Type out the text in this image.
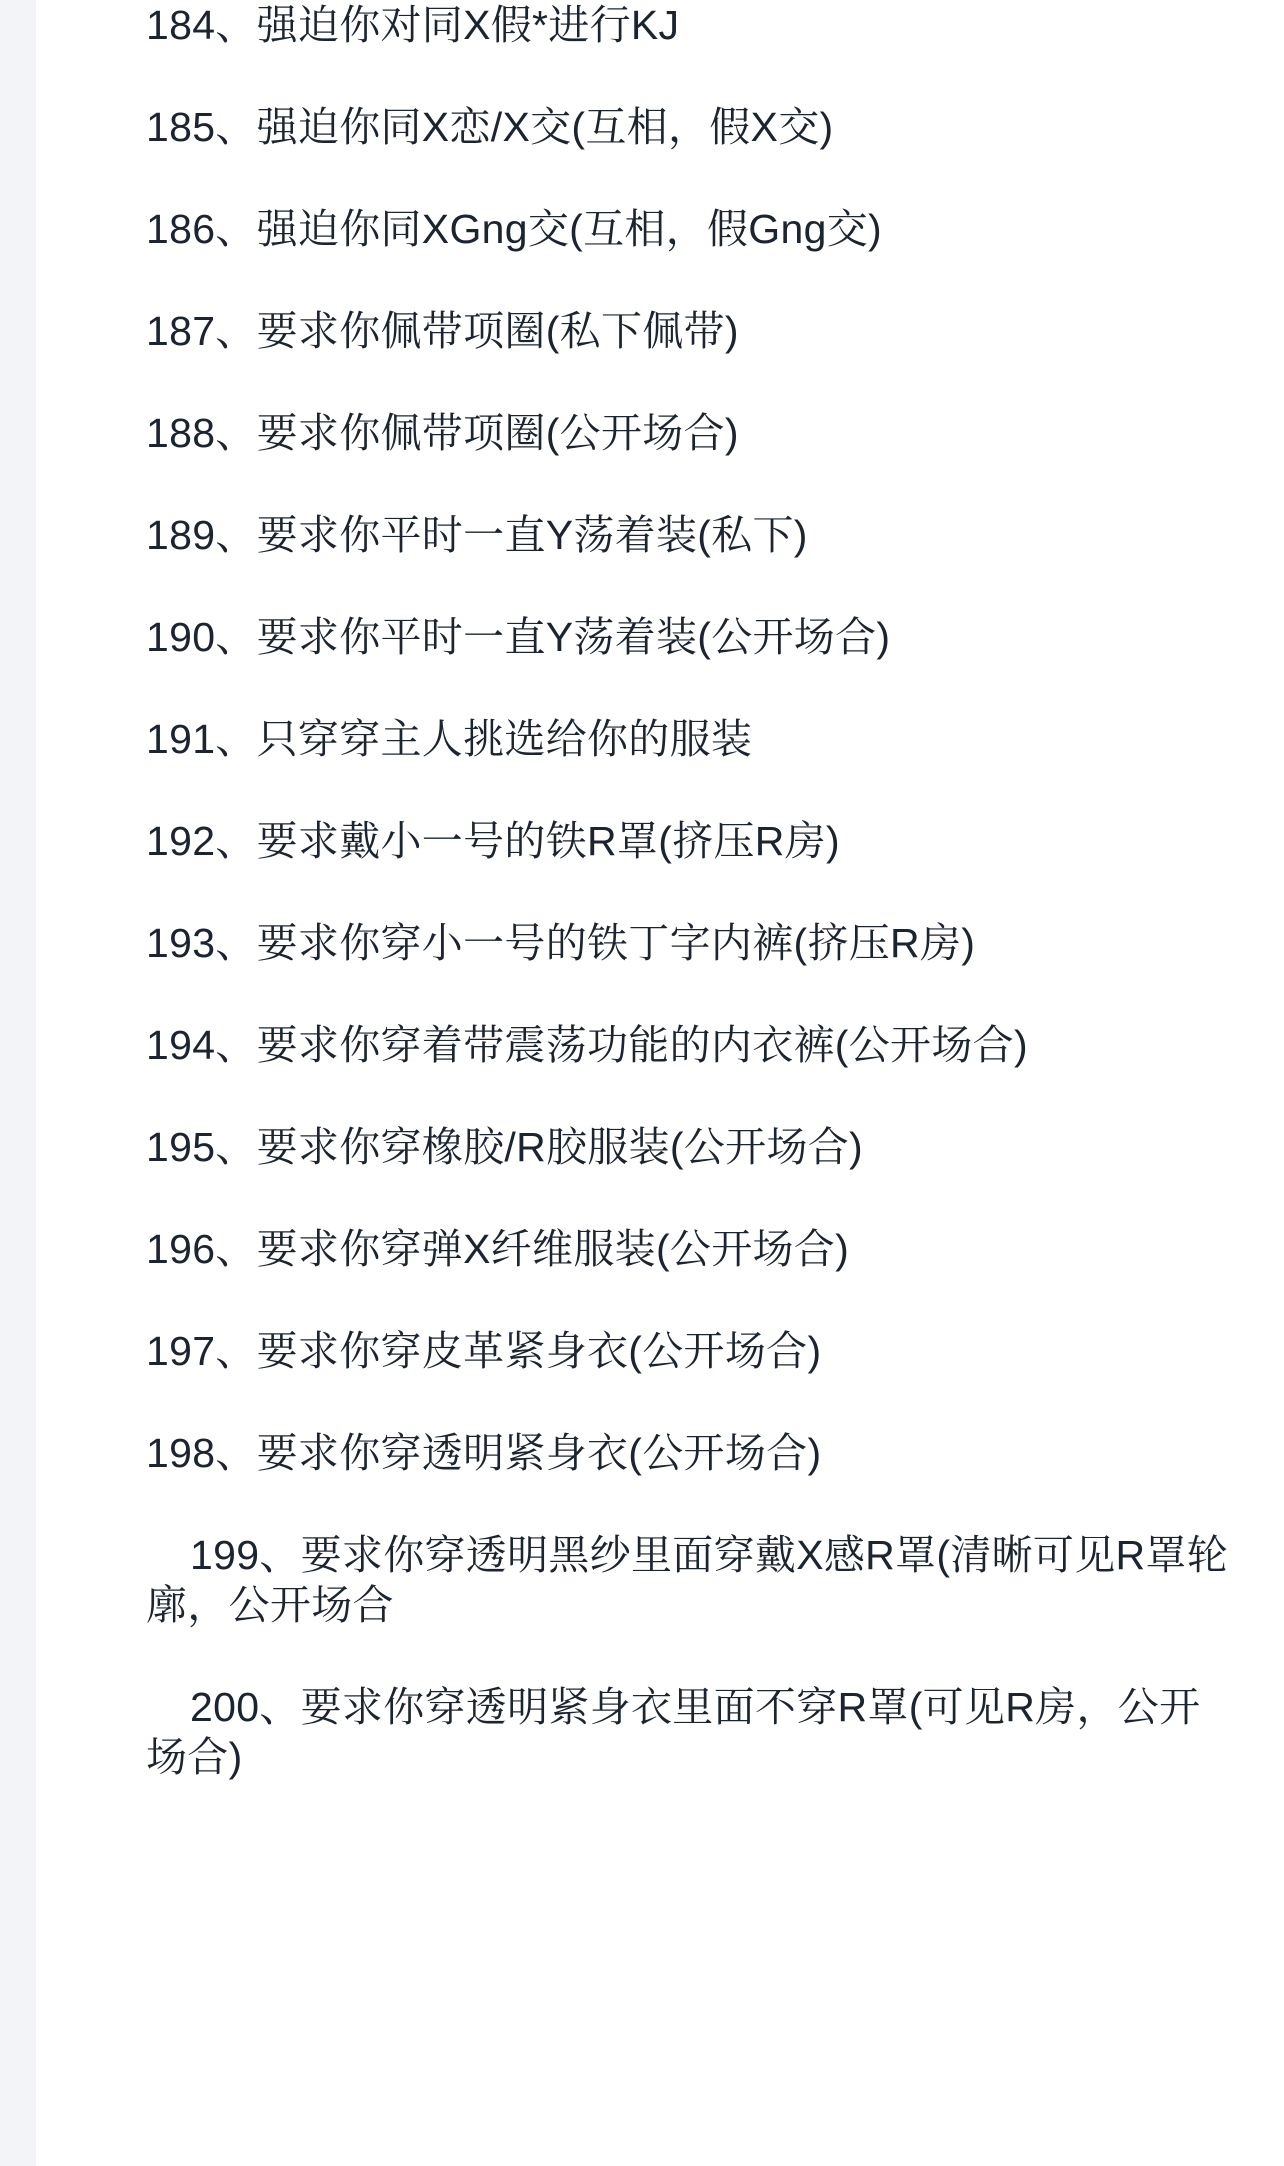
184、强迫你对同X假*进行KJ

185、强迫你同X恋/X交(互相，假X交)

186、强迫你同XGng交(互相，假Gng交)

187、要求你佩带项圈(私下佩带)

188、要求你佩带项圈(公开场合)

189、要求你平时一直Y荡着装(私下)

190、要求你平时一直Y荡着装(公开场合)

191、只穿穿主人挑选给你的服装

192、要求戴小一号的铁R罩(挤压R房)

193、要求你穿小一号的铁丁字内裤(挤压R房)

194、要求你穿着带震荡功能的内衣裤(公开场合)

195、要求你穿橡胶/R胶服装(公开场合)

196、要求你穿弹X纤维服装(公开场合)

197、要求你穿皮革紧身衣(公开场合)

198、要求你穿透明紧身衣(公开场合)

199、要求你穿透明黑纱里面穿戴X感R罩(清晰可见R罩轮廓，公开场合

200、要求你穿透明紧身衣里面不穿R罩(可见R房，公开场合)
